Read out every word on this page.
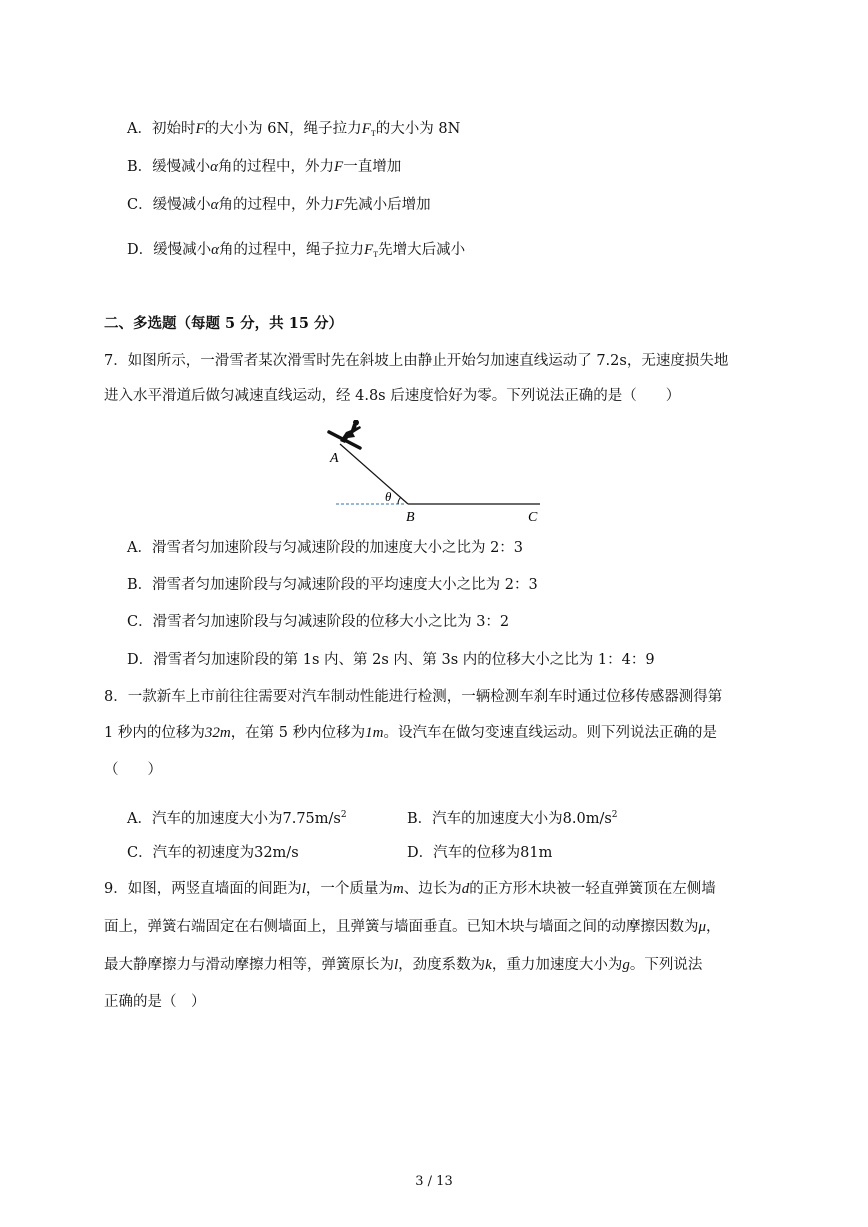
A．初始时F的大小为 6N，绳子拉力$F_T$的大小为 8N
B．缓慢减小α角的过程中，外力F一直增加
C．缓慢减小α角的过程中，外力F先减小后增加
D．缓慢减小α角的过程中，绳子拉力$F_T$先增大后减小
二、多选题（每题 5 分，共 15 分）
7．如图所示，一滑雪者某次滑雪时先在斜坡上由静止开始匀加速直线运动了 7.2s，无速度损失地
进入水平滑道后做匀减速直线运动，经 4.8s 后速度恰好为零。下列说法正确的是（　　）
A
θ
B	C
A．滑雪者匀加速阶段与匀减速阶段的加速度大小之比为 2：3
B．滑雪者匀加速阶段与匀减速阶段的平均速度大小之比为 2：3
C．滑雪者匀加速阶段与匀减速阶段的位移大小之比为 3：2
D．滑雪者匀加速阶段的第 1s 内、第 2s 内、第 3s 内的位移大小之比为 1：4：9
8．一款新车上市前往往需要对汽车制动性能进行检测，一辆检测车刹车时通过位移传感器测得第
1 秒内的位移为32m，在第 5 秒内位移为1m。设汽车在做匀变速直线运动。则下列说法正确的是
（　　）
A．汽车的加速度大小为$7.75m/s^2$	B．汽车的加速度大小为$8.0m/s^2$
C．汽车的初速度为32m/s	D．汽车的位移为81m
9．如图，两竖直墙面的间距为l，一个质量为m、边长为d的正方形木块被一轻直弹簧顶在左侧墙
面上，弹簧右端固定在右侧墙面上，且弹簧与墙面垂直。已知木块与墙面之间的动摩擦因数为μ，
最大静摩擦力与滑动摩擦力相等，弹簧原长为l，劲度系数为k，重力加速度大小为g。下列说法
正确的是（　）
3 / 13
